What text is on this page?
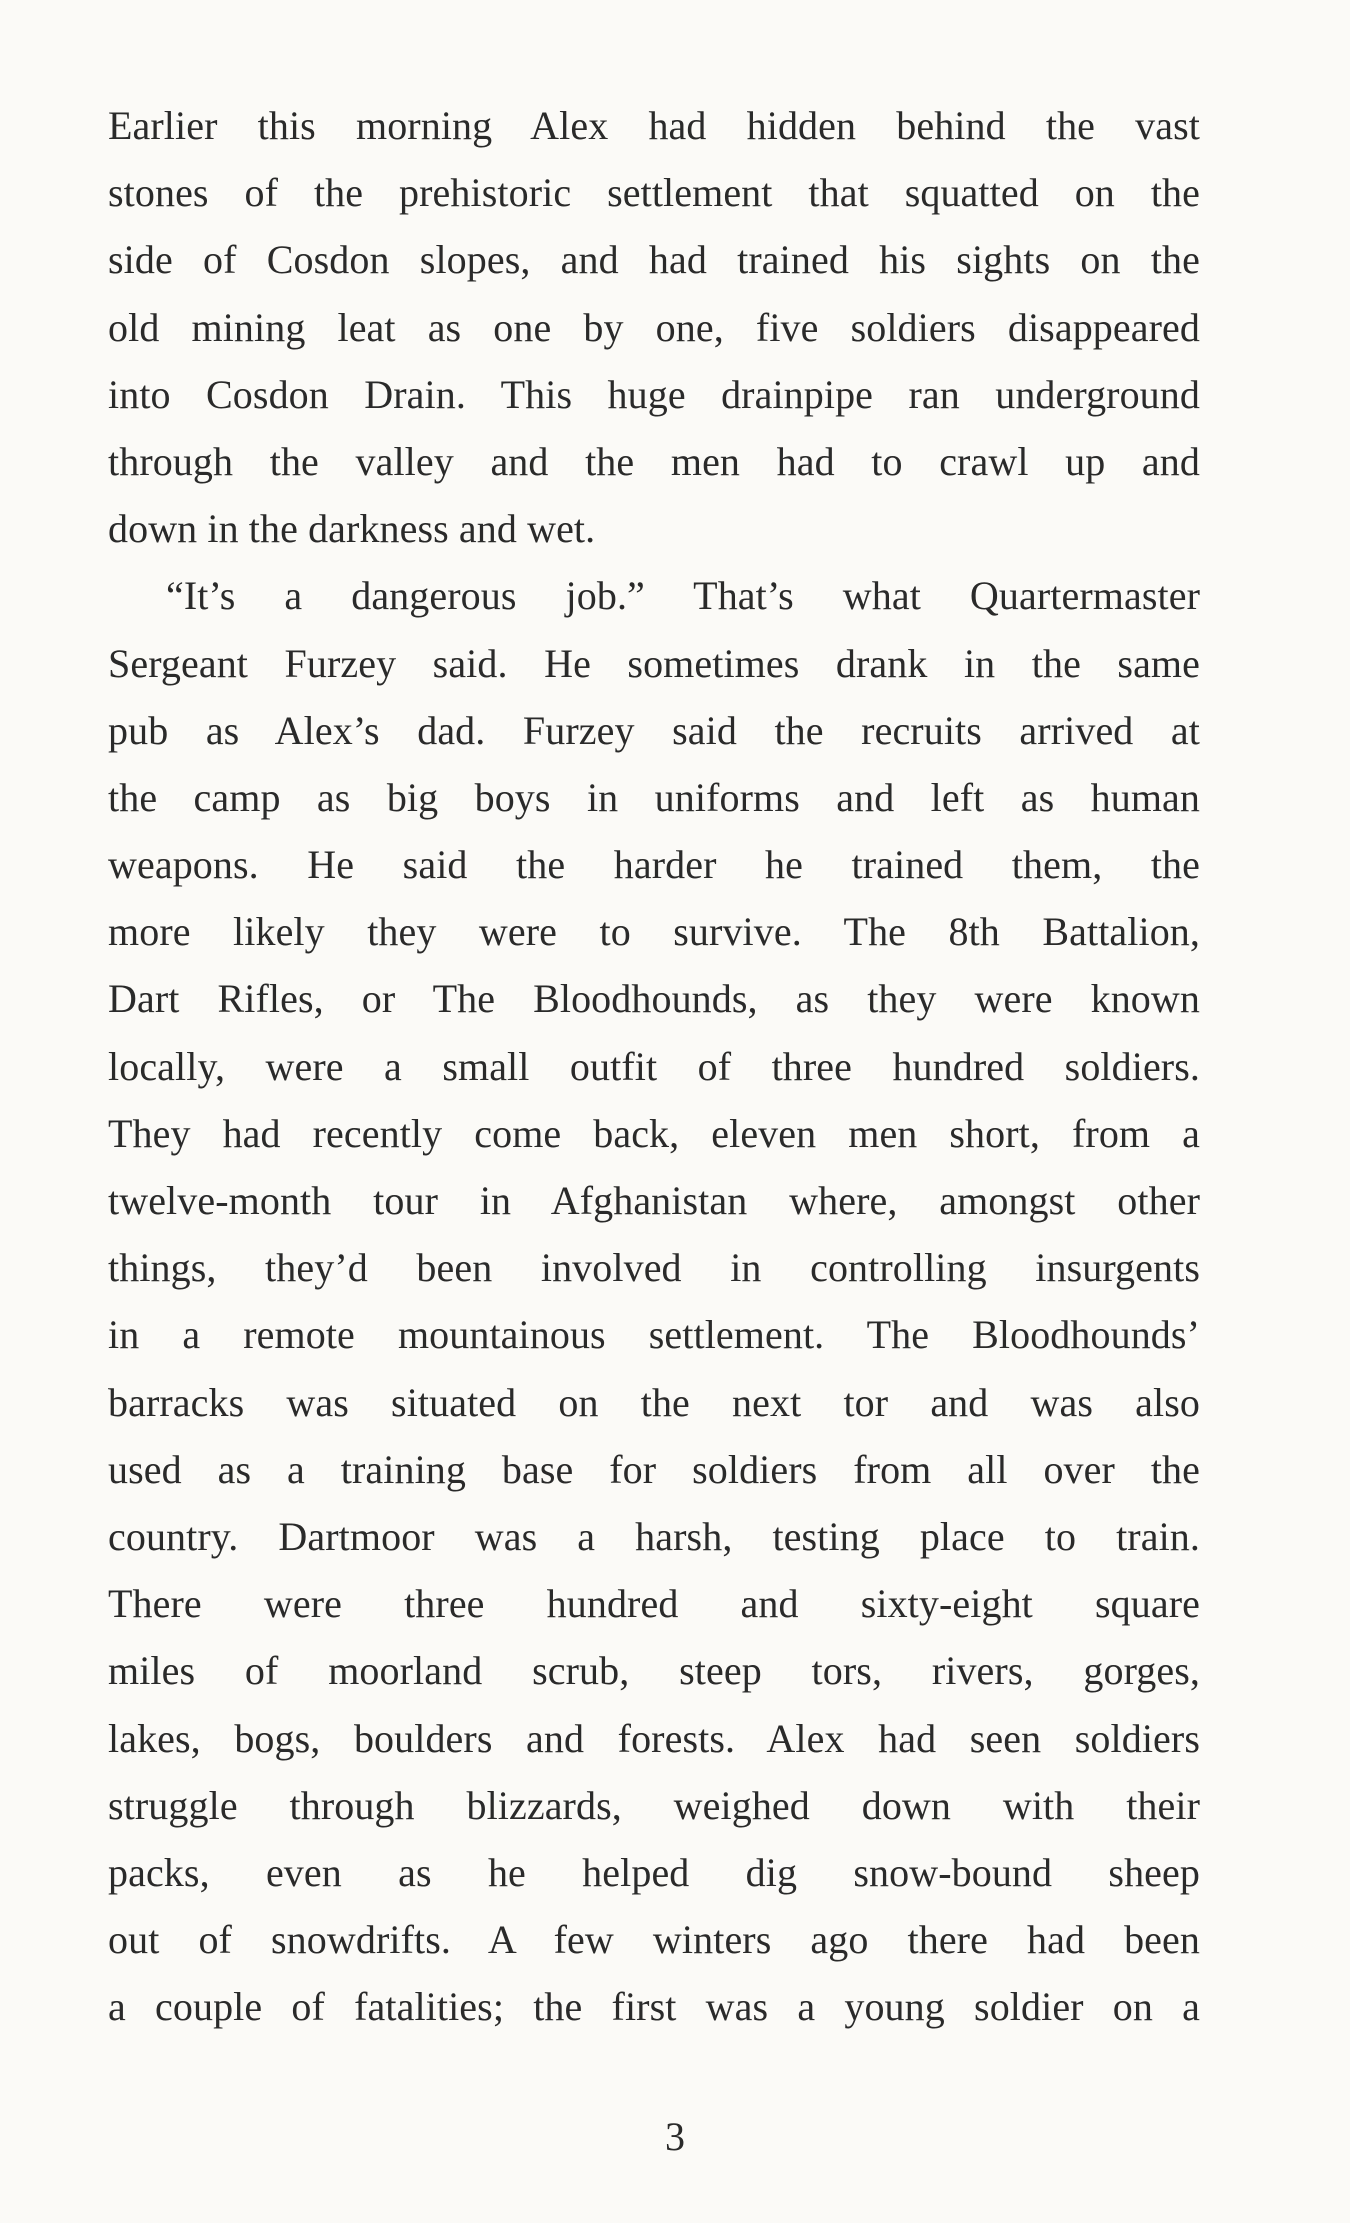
Earlier this morning Alex had hidden behind the vast
stones of the prehistoric settlement that squatted on the
side of Cosdon slopes, and had trained his sights on the
old mining leat as one by one, five soldiers disappeared
into Cosdon Drain. This huge drainpipe ran underground
through the valley and the men had to crawl up and
down in the darkness and wet.
“It’s a dangerous job.” That’s what Quartermaster
Sergeant Furzey said. He sometimes drank in the same
pub as Alex’s dad. Furzey said the recruits arrived at
the camp as big boys in uniforms and left as human
weapons. He said the harder he trained them, the
more likely they were to survive. The 8th Battalion,
Dart Rifles, or The Bloodhounds, as they were known
locally, were a small outfit of three hundred soldiers.
They had recently come back, eleven men short, from a
twelve-month tour in Afghanistan where, amongst other
things, they’d been involved in controlling insurgents
in a remote mountainous settlement. The Bloodhounds’
barracks was situated on the next tor and was also
used as a training base for soldiers from all over the
country. Dartmoor was a harsh, testing place to train.
There were three hundred and sixty-eight square
miles of moorland scrub, steep tors, rivers, gorges,
lakes, bogs, boulders and forests. Alex had seen soldiers
struggle through blizzards, weighed down with their
packs, even as he helped dig snow-bound sheep
out of snowdrifts. A few winters ago there had been
a couple of fatalities; the first was a young soldier on a
3
